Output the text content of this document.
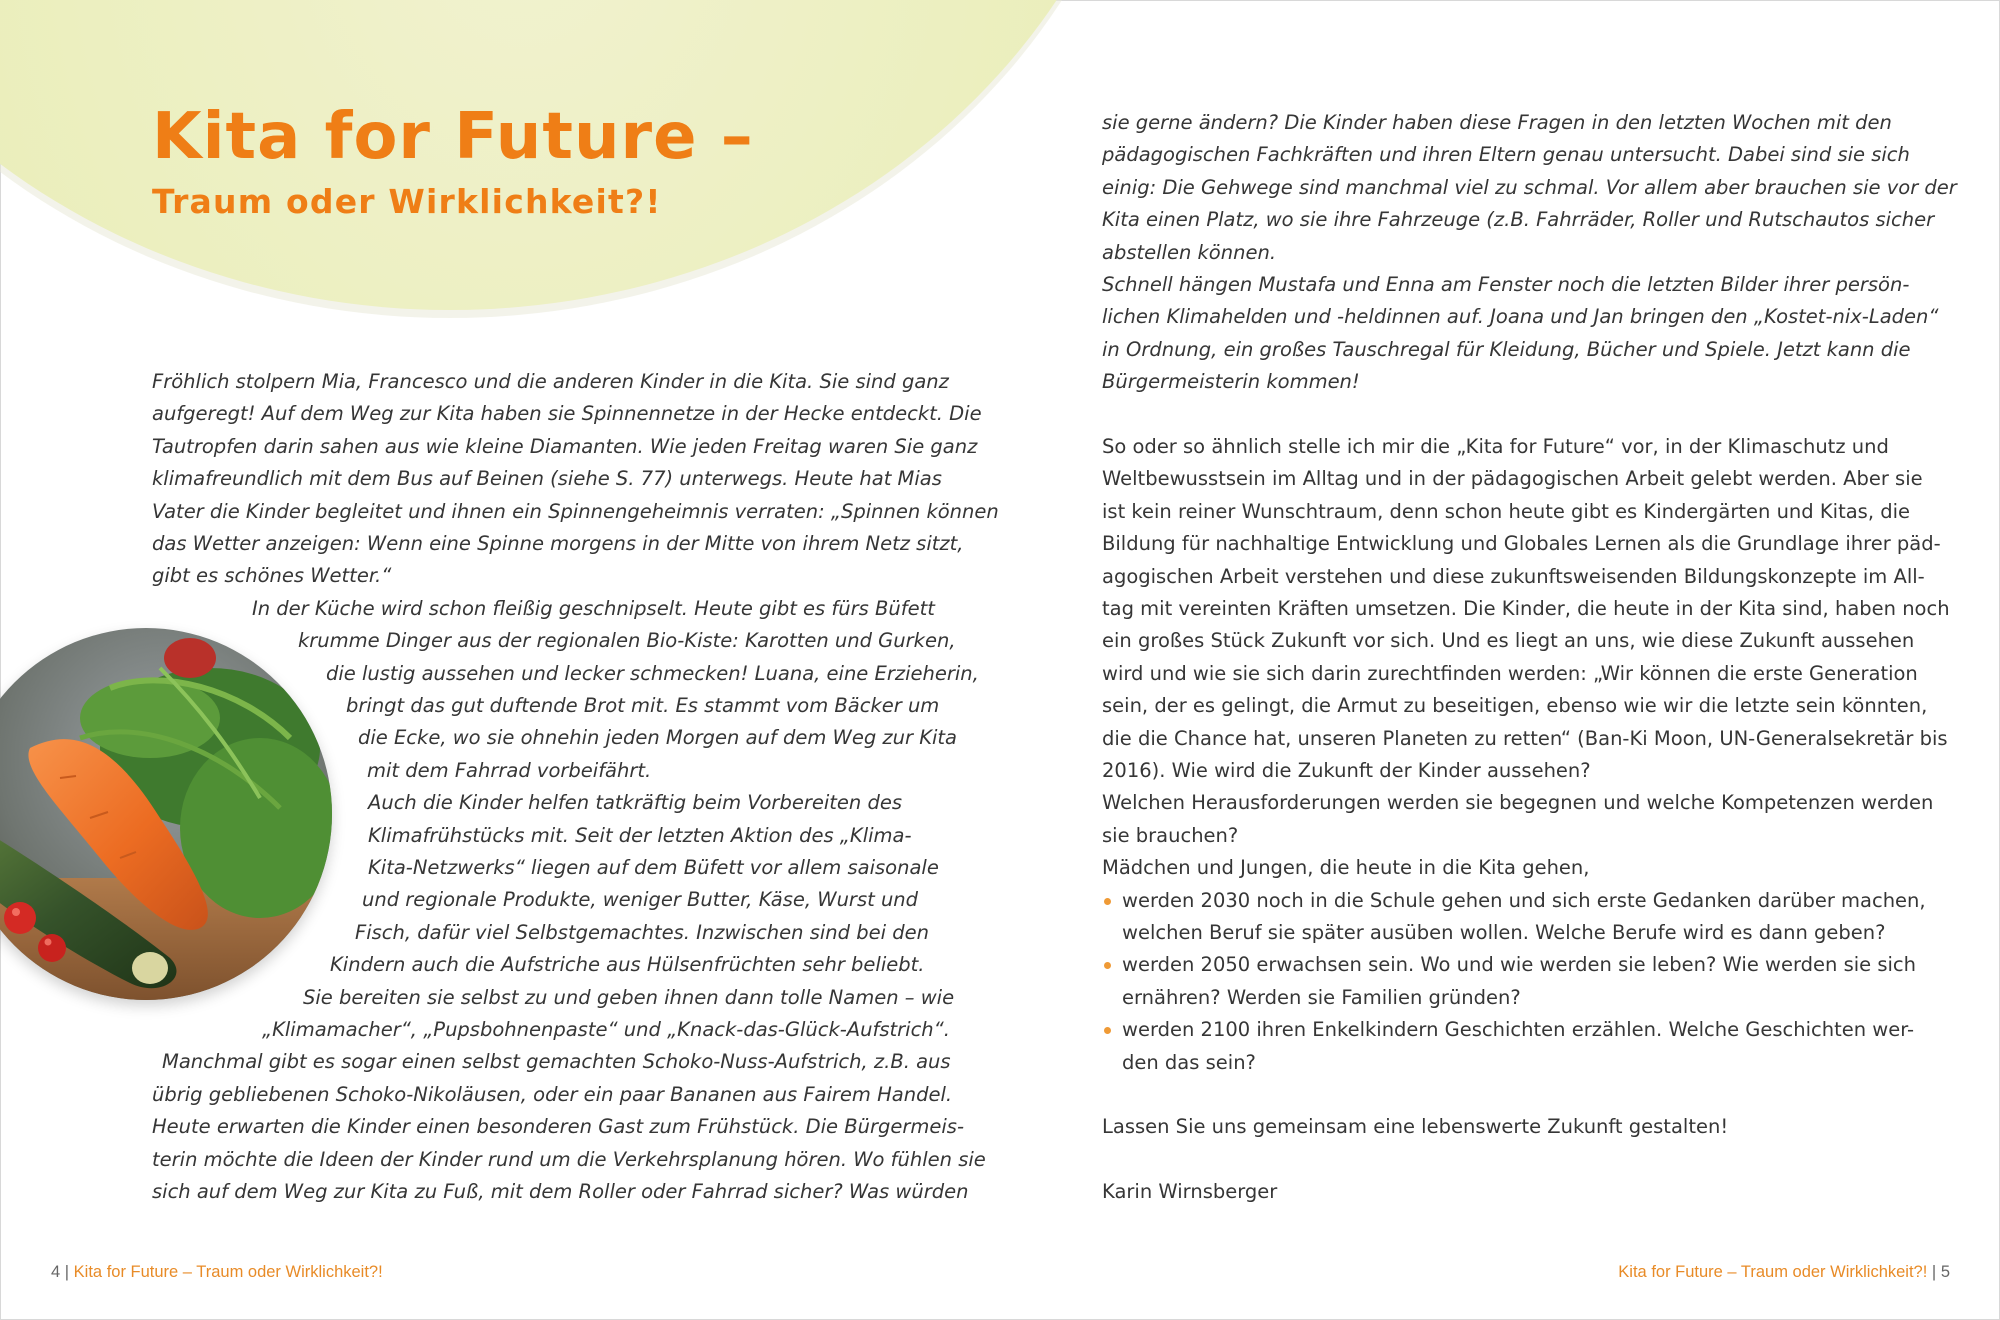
Kita for Future –
Traum oder Wirklichkeit?!
Fröhlich stolpern Mia, Francesco und die anderen Kinder in die Kita. Sie sind ganz
aufgeregt! Auf dem Weg zur Kita haben sie Spinnennetze in der Hecke entdeckt. Die
Tautropfen darin sahen aus wie kleine Diamanten. Wie jeden Freitag waren Sie ganz
klimafreundlich mit dem Bus auf Beinen (siehe S. 77) unterwegs. Heute hat Mias
Vater die Kinder begleitet und ihnen ein Spinnengeheimnis verraten: „Spinnen können
das Wetter anzeigen: Wenn eine Spinne morgens in der Mitte von ihrem Netz sitzt,
gibt es schönes Wetter.“
In der Küche wird schon fleißig geschnipselt. Heute gibt es fürs Büfett
krumme Dinger aus der regionalen Bio-Kiste: Karotten und Gurken,
die lustig aussehen und lecker schmecken! Luana, eine Erzieherin,
bringt das gut duftende Brot mit. Es stammt vom Bäcker um
die Ecke, wo sie ohnehin jeden Morgen auf dem Weg zur Kita
mit dem Fahrrad vorbeifährt.
Auch die Kinder helfen tatkräftig beim Vorbereiten des
Klimafrühstücks mit. Seit der letzten Aktion des „Klima-
Kita-Netzwerks“ liegen auf dem Büfett vor allem saisonale
und regionale Produkte, weniger Butter, Käse, Wurst und
Fisch, dafür viel Selbstgemachtes. Inzwischen sind bei den
Kindern auch die Aufstriche aus Hülsenfrüchten sehr beliebt.
Sie bereiten sie selbst zu und geben ihnen dann tolle Namen – wie
„Klimamacher“, „Pupsbohnenpaste“ und „Knack-das-Glück-Aufstrich“.
Manchmal gibt es sogar einen selbst gemachten Schoko-Nuss-Aufstrich, z.B. aus
übrig gebliebenen Schoko-Nikoläusen, oder ein paar Bananen aus Fairem Handel.
Heute erwarten die Kinder einen besonderen Gast zum Frühstück. Die Bürgermeis-
terin möchte die Ideen der Kinder rund um die Verkehrsplanung hören. Wo fühlen sie
sich auf dem Weg zur Kita zu Fuß, mit dem Roller oder Fahrrad sicher? Was würden
sie gerne ändern? Die Kinder haben diese Fragen in den letzten Wochen mit den
pädagogischen Fachkräften und ihren Eltern genau untersucht. Dabei sind sie sich
einig: Die Gehwege sind manchmal viel zu schmal. Vor allem aber brauchen sie vor der
Kita einen Platz, wo sie ihre Fahrzeuge (z.B. Fahrräder, Roller und Rutschautos sicher
abstellen können.
Schnell hängen Mustafa und Enna am Fenster noch die letzten Bilder ihrer persön-
lichen Klimahelden und -heldinnen auf. Joana und Jan bringen den „Kostet-nix-Laden“
in Ordnung, ein großes Tauschregal für Kleidung, Bücher und Spiele. Jetzt kann die
Bürgermeisterin kommen!
So oder so ähnlich stelle ich mir die „Kita for Future“ vor, in der Klimaschutz und
Weltbewusstsein im Alltag und in der pädagogischen Arbeit gelebt werden. Aber sie
ist kein reiner Wunschtraum, denn schon heute gibt es Kindergärten und Kitas, die
Bildung für nachhaltige Entwicklung und Globales Lernen als die Grundlage ihrer päd-
agogischen Arbeit verstehen und diese zukunftsweisenden Bildungskonzepte im All-
tag mit vereinten Kräften umsetzen. Die Kinder, die heute in der Kita sind, haben noch
ein großes Stück Zukunft vor sich. Und es liegt an uns, wie diese Zukunft aussehen
wird und wie sie sich darin zurechtfinden werden: „Wir können die erste Generation
sein, der es gelingt, die Armut zu beseitigen, ebenso wie wir die letzte sein könnten,
die die Chance hat, unseren Planeten zu retten“ (Ban-Ki Moon, UN-Generalsekretär bis
2016). Wie wird die Zukunft der Kinder aussehen?
Welchen Herausforderungen werden sie begegnen und welche Kompetenzen werden
sie brauchen?
Mädchen und Jungen, die heute in die Kita gehen,
werden 2030 noch in die Schule gehen und sich erste Gedanken darüber machen,
welchen Beruf sie später ausüben wollen. Welche Berufe wird es dann geben?
werden 2050 erwachsen sein. Wo und wie werden sie leben? Wie werden sie sich
ernähren? Werden sie Familien gründen?
werden 2100 ihren Enkelkindern Geschichten erzählen. Welche Geschichten wer-
den das sein?
Lassen Sie uns gemeinsam eine lebenswerte Zukunft gestalten!
Karin Wirnsberger
4 | Kita for Future – Traum oder Wirklichkeit?!	Kita for Future – Traum oder Wirklichkeit?! | 5
